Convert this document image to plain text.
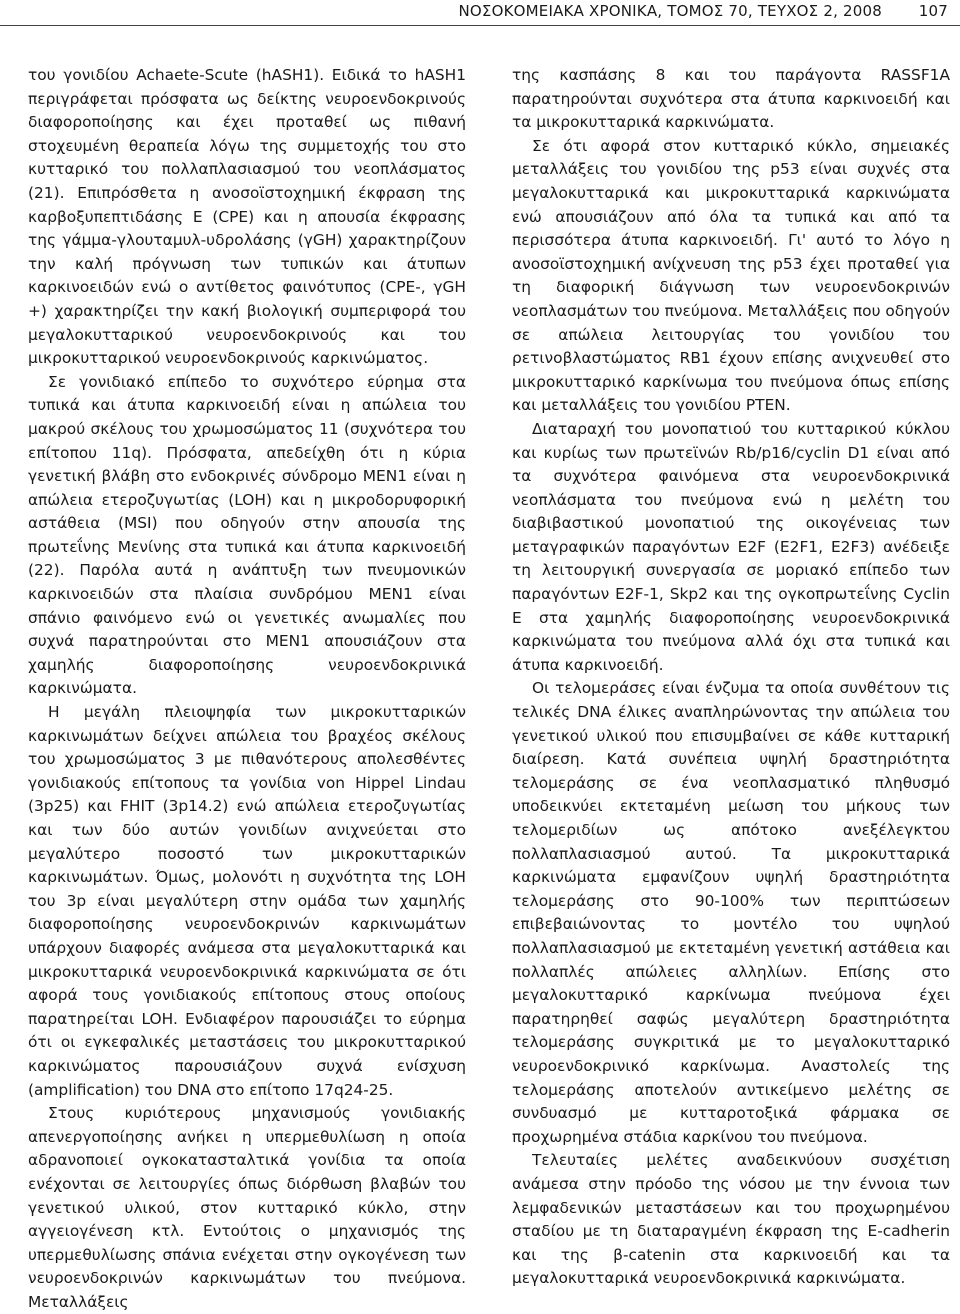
ΝΟΣΟΚΟΜΕΙΑΚΑ ΧΡΟΝΙΚΑ, ΤΟΜΟΣ 70, ΤΕΥΧΟΣ 2, 2008 107

του γονιδίου Achaete-Scute (hASH1). Ειδικά το hASH1 περιγράφεται πρόσφατα ως δείκτης νευροενδοκρινούς διαφοροποίησης και έχει προταθεί ως πιθανή στοχευμένη θεραπεία λόγω της συμμετοχής του στο κυτταρικό του πολλαπλασιασμού του νεοπλάσματος (21). Επιπρόσθετα η ανοσοϊστοχημική έκφραση της καρβοξυπεπτιδάσης Ε (CPE) και η απουσία έκφρασης της γάμμα-γλουταμυλ-υδρολάσης (γGH) χαρακτηρίζουν την καλή πρόγνωση των τυπικών και άτυπων καρκινοειδών ενώ ο αντίθετος φαινότυπος (CPE-, γGH +) χαρακτηρίζει την κακή βιολογική συμπεριφορά του μεγαλοκυτταρικού νευροενδοκρινούς και του μικροκυτταρικού νευροενδοκρινούς καρκινώματος.

Σε γονιδιακό επίπεδο το συχνότερο εύρημα στα τυπικά και άτυπα καρκινοειδή είναι η απώλεια του μακρού σκέλους του χρωμοσώματος 11 (συχνότερα του επίτοπου 11q). Πρόσφατα, απεδείχθη ότι η κύρια γενετική βλάβη στο ενδοκρινές σύνδρομο MEN1 είναι η απώλεια ετεροζυγωτίας (LOH) και η μικροδορυφορική αστάθεια (MSI) που οδηγούν στην απουσία της πρωτεΐνης Μενίνης στα τυπικά και άτυπα καρκινοειδή (22). Παρόλα αυτά η ανάπτυξη των πνευμονικών καρκινοειδών στα πλαίσια συνδρόμου MEN1 είναι σπάνιο φαινόμενο ενώ οι γενετικές ανωμαλίες που συχνά παρατηρούνται στο MEN1 απουσιάζουν στα χαμηλής διαφοροποίησης νευροενδοκρινικά καρκινώματα.

Η μεγάλη πλειοψηφία των μικροκυτταρικών καρκινωμάτων δείχνει απώλεια του βραχέος σκέλους του χρωμοσώματος 3 με πιθανότερους απολεσθέντες γονιδιακούς επίτοπους τα γονίδια von Hippel Lindau (3p25) και FHIT (3p14.2) ενώ απώλεια ετεροζυγωτίας και των δύο αυτών γονιδίων ανιχνεύεται στο μεγαλύτερο ποσοστό των μικροκυτταρικών καρκινωμάτων. Όμως, μολονότι η συχνότητα της LOH του 3p είναι μεγαλύτερη στην ομάδα των χαμηλής διαφοροποίησης νευροενδοκρινών καρκινωμάτων υπάρχουν διαφορές ανάμεσα στα μεγαλοκυτταρικά και μικροκυτταρικά νευροενδοκρινικά καρκινώματα σε ότι αφορά τους γονιδιακούς επίτοπους στους οποίους παρατηρείται LOH. Ενδιαφέρον παρουσιάζει το εύρημα ότι οι εγκεφαλικές μεταστάσεις του μικροκυτταρικού καρκινώματος παρουσιάζουν συχνά ενίσχυση (amplification) του DNA στο επίτοπο 17q24-25.

Στους κυριότερους μηχανισμούς γονιδιακής απενεργοποίησης ανήκει η υπερμεθυλίωση η οποία αδρανοποιεί ογκοκατασταλτικά γονίδια τα οποία ενέχονται σε λειτουργίες όπως διόρθωση βλαβών του γενετικού υλικού, στον κυτταρικό κύκλο, στην αγγειογένεση κτλ. Εντούτοις ο μηχανισμός της υπερμεθυλίωσης σπάνια ενέχεται στην ογκογένεση των νευροενδοκρινών καρκινωμάτων του πνεύμονα. Μεταλλάξεις

της κασπάσης 8 και του παράγοντα RASSF1A παρατηρούνται συχνότερα στα άτυπα καρκινοειδή και τα μικροκυτταρικά καρκινώματα.

Σε ότι αφορά στον κυτταρικό κύκλο, σημειακές μεταλλάξεις του γονιδίου της p53 είναι συχνές στα μεγαλοκυτταρικά και μικροκυτταρικά καρκινώματα ενώ απουσιάζουν από όλα τα τυπικά και από τα περισσότερα άτυπα καρκινοειδή. Γι' αυτό το λόγο η ανοσοϊστοχημική ανίχνευση της p53 έχει προταθεί για τη διαφορική διάγνωση των νευροενδοκρινών νεοπλασμάτων του πνεύμονα. Μεταλλάξεις που οδηγούν σε απώλεια λειτουργίας του γονιδίου του ρετινοβλαστώματος RB1 έχουν επίσης ανιχνευθεί στο μικροκυτταρικό καρκίνωμα του πνεύμονα όπως επίσης και μεταλλάξεις του γονιδίου PTEN.

Διαταραχή του μονοπατιού του κυτταρικού κύκλου και κυρίως των πρωτεϊνών Rb/p16/cyclin D1 είναι από τα συχνότερα φαινόμενα στα νευροενδοκρινικά νεοπλάσματα του πνεύμονα ενώ η μελέτη του διαβιβαστικού μονοπατιού της οικογένειας των μεταγραφικών παραγόντων E2F (E2F1, E2F3) ανέδειξε τη λειτουργική συνεργασία σε μοριακό επίπεδο των παραγόντων E2F-1, Skp2 και της ογκοπρωτεΐνης Cyclin E στα χαμηλής διαφοροποίησης νευροενδοκρινικά καρκινώματα του πνεύμονα αλλά όχι στα τυπικά και άτυπα καρκινοειδή.

Οι τελομεράσες είναι ένζυμα τα οποία συνθέτουν τις τελικές DNA έλικες αναπληρώνοντας την απώλεια του γενετικού υλικού που επισυμβαίνει σε κάθε κυτταρική διαίρεση. Κατά συνέπεια υψηλή δραστηριότητα τελομεράσης σε ένα νεοπλασματικό πληθυσμό υποδεικνύει εκτεταμένη μείωση του μήκους των τελομεριδίων ως απότοκο ανεξέλεγκτου πολλαπλασιασμού αυτού. Τα μικροκυτταρικά καρκινώματα εμφανίζουν υψηλή δραστηριότητα τελομεράσης στο 90-100% των περιπτώσεων επιβεβαιώνοντας το μοντέλο του υψηλού πολλαπλασιασμού με εκτεταμένη γενετική αστάθεια και πολλαπλές απώλειες αλληλίων. Επίσης στο μεγαλοκυτταρικό καρκίνωμα πνεύμονα έχει παρατηρηθεί σαφώς μεγαλύτερη δραστηριότητα τελομεράσης συγκριτικά με το μεγαλοκυτταρικό νευροενδοκρινικό καρκίνωμα. Αναστολείς της τελομεράσης αποτελούν αντικείμενο μελέτης σε συνδυασμό με κυτταροτοξικά φάρμακα σε προχωρημένα στάδια καρκίνου του πνεύμονα.

Τελευταίες μελέτες αναδεικνύουν συσχέτιση ανάμεσα στην πρόοδο της νόσου με την έννοια των λεμφαδενικών μεταστάσεων και του προχωρημένου σταδίου με τη διαταραγμένη έκφραση της E-cadherin και της β-catenin στα καρκινοειδή και τα μεγαλοκυτταρικά νευροενδοκρινικά καρκινώματα.
